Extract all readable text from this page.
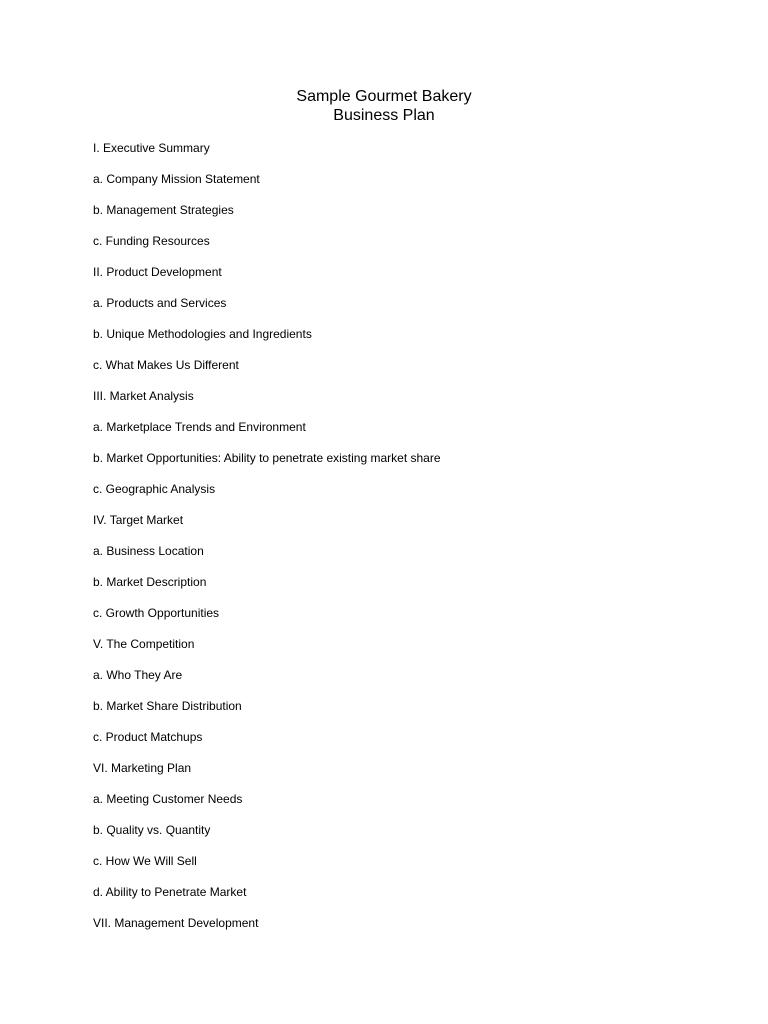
Sample Gourmet Bakery
Business Plan
I. Executive Summary
a. Company Mission Statement
b. Management Strategies
c. Funding Resources
II. Product Development
a. Products and Services
b. Unique Methodologies and Ingredients
c. What Makes Us Different
III. Market Analysis
a. Marketplace Trends and Environment
b. Market Opportunities: Ability to penetrate existing market share
c. Geographic Analysis
IV. Target Market
a. Business Location
b. Market Description
c. Growth Opportunities
V. The Competition
a. Who They Are
b. Market Share Distribution
c. Product Matchups
VI. Marketing Plan
a. Meeting Customer Needs
b. Quality vs. Quantity
c. How We Will Sell
d. Ability to Penetrate Market
VII. Management Development
